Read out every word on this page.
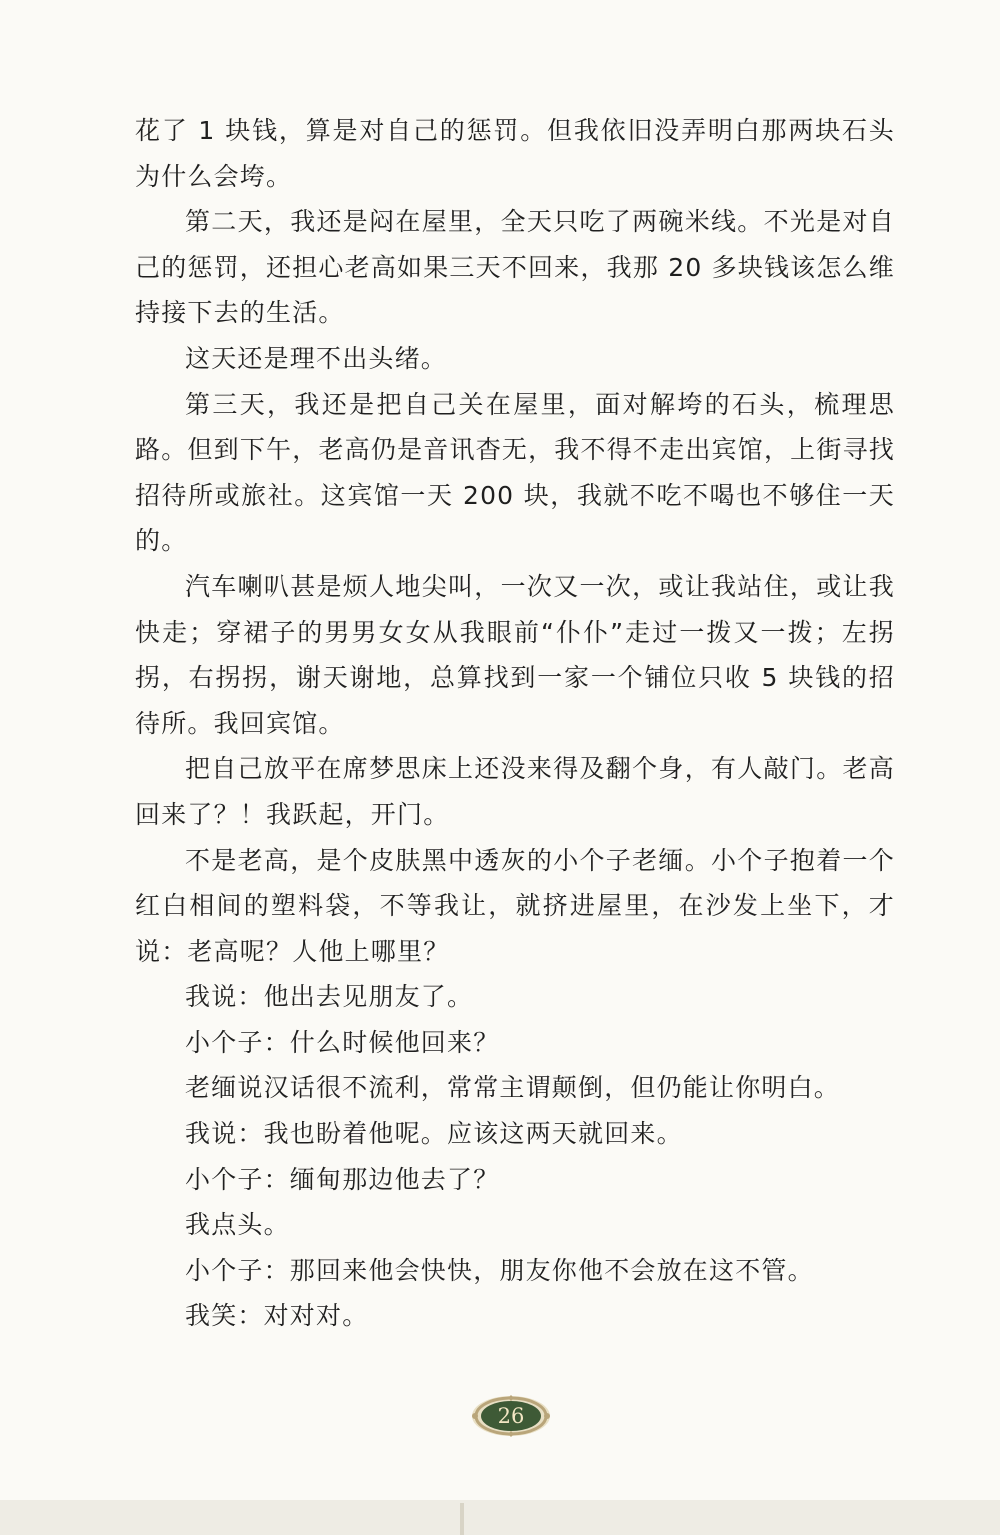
花了 1 块钱，算是对自己的惩罚。但我依旧没弄明白那两块石头为什么会垮。

第二天，我还是闷在屋里，全天只吃了两碗米线。不光是对自己的惩罚，还担心老高如果三天不回来，我那 20 多块钱该怎么维持接下去的生活。

这天还是理不出头绪。

第三天，我还是把自己关在屋里，面对解垮的石头，梳理思路。但到下午，老高仍是音讯杳无，我不得不走出宾馆，上街寻找招待所或旅社。这宾馆一天 200 块，我就不吃不喝也不够住一天的。

汽车喇叭甚是烦人地尖叫，一次又一次，或让我站住，或让我快走；穿裙子的男男女女从我眼前“仆仆”走过一拨又一拨；左拐拐，右拐拐，谢天谢地，总算找到一家一个铺位只收 5 块钱的招待所。我回宾馆。

把自己放平在席梦思床上还没来得及翻个身，有人敲门。老高回来了？！我跃起，开门。

不是老高，是个皮肤黑中透灰的小个子老缅。小个子抱着一个红白相间的塑料袋，不等我让，就挤进屋里，在沙发上坐下，才说：老高呢？人他上哪里？

我说：他出去见朋友了。

小个子：什么时候他回来？

老缅说汉话很不流利，常常主谓颠倒，但仍能让你明白。

我说：我也盼着他呢。应该这两天就回来。

小个子：缅甸那边他去了？

我点头。

小个子：那回来他会快快，朋友你他不会放在这不管。

我笑：对对对。

26
